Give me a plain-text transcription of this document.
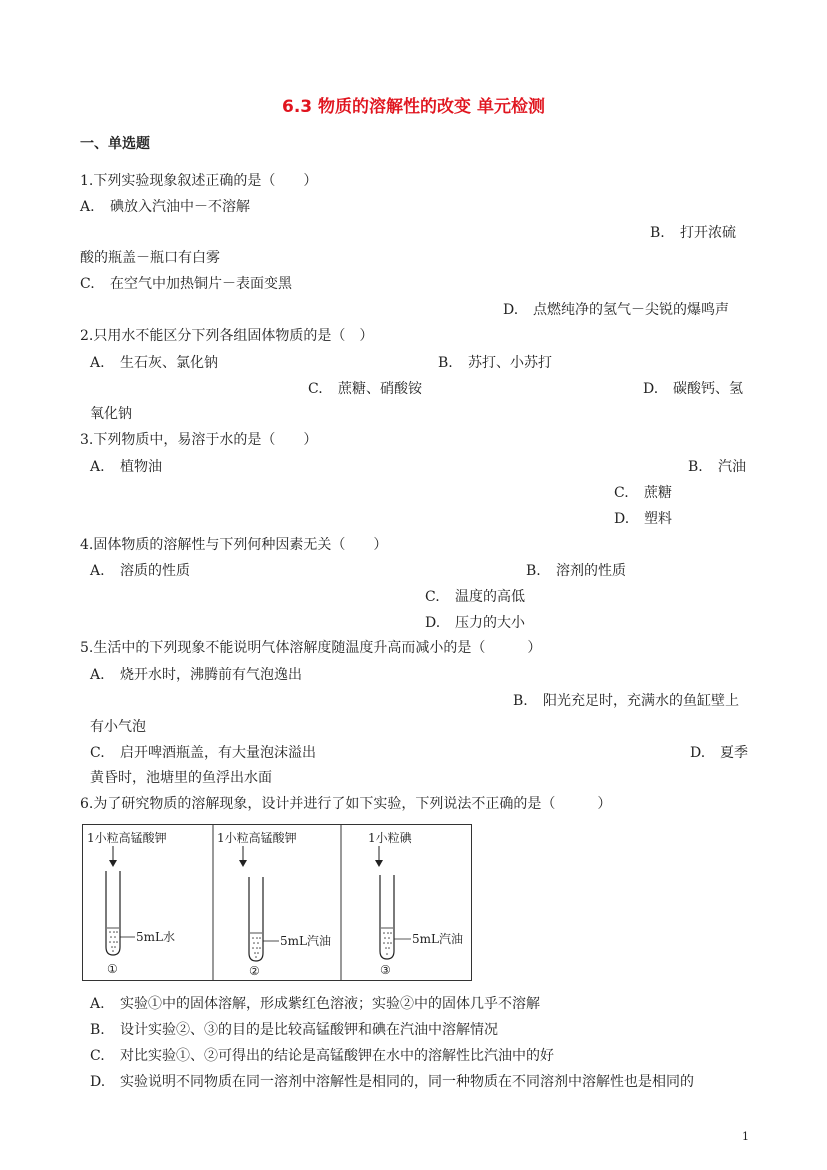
6.3 物质的溶解性的改变 单元检测
一、单选题
1.下列实验现象叙述正确的是（　　）
A. 碘放入汽油中－不溶解
B. 打开浓硫
酸的瓶盖－瓶口有白雾
C. 在空气中加热铜片－表面变黑
D. 点燃纯净的氢气－尖锐的爆鸣声
2.只用水不能区分下列各组固体物质的是（　）
A. 生石灰、氯化钠	B. 苏打、小苏打
C. 蔗糖、硝酸铵	D. 碳酸钙、氢
氧化钠
3.下列物质中，易溶于水的是（　　）
A. 植物油	B. 汽油
C. 蔗糖
D. 塑料
4.固体物质的溶解性与下列何种因素无关（　　）
A. 溶质的性质	B. 溶剂的性质
C. 温度的高低
D. 压力的大小
5.生活中的下列现象不能说明气体溶解度随温度升高而减小的是（　　　）
A. 烧开水时，沸腾前有气泡逸出
B. 阳光充足时，充满水的鱼缸壁上
有小气泡
C. 启开啤酒瓶盖，有大量泡沫溢出	D. 夏季
黄昏时，池塘里的鱼浮出水面
6.为了研究物质的溶解现象，设计并进行了如下实验，下列说法不正确的是（　　　）
1小粒高锰酸钾
5mL水
①
1小粒高锰酸钾
5mL汽油
②
1小粒碘
5mL汽油
③
A. 实验①中的固体溶解，形成紫红色溶液；实验②中的固体几乎不溶解
B. 设计实验②、③的目的是比较高锰酸钾和碘在汽油中溶解情况
C. 对比实验①、②可得出的结论是高锰酸钾在水中的溶解性比汽油中的好
D. 实验说明不同物质在同一溶剂中溶解性是相同的，同一种物质在不同溶剂中溶解性也是相同的
1
